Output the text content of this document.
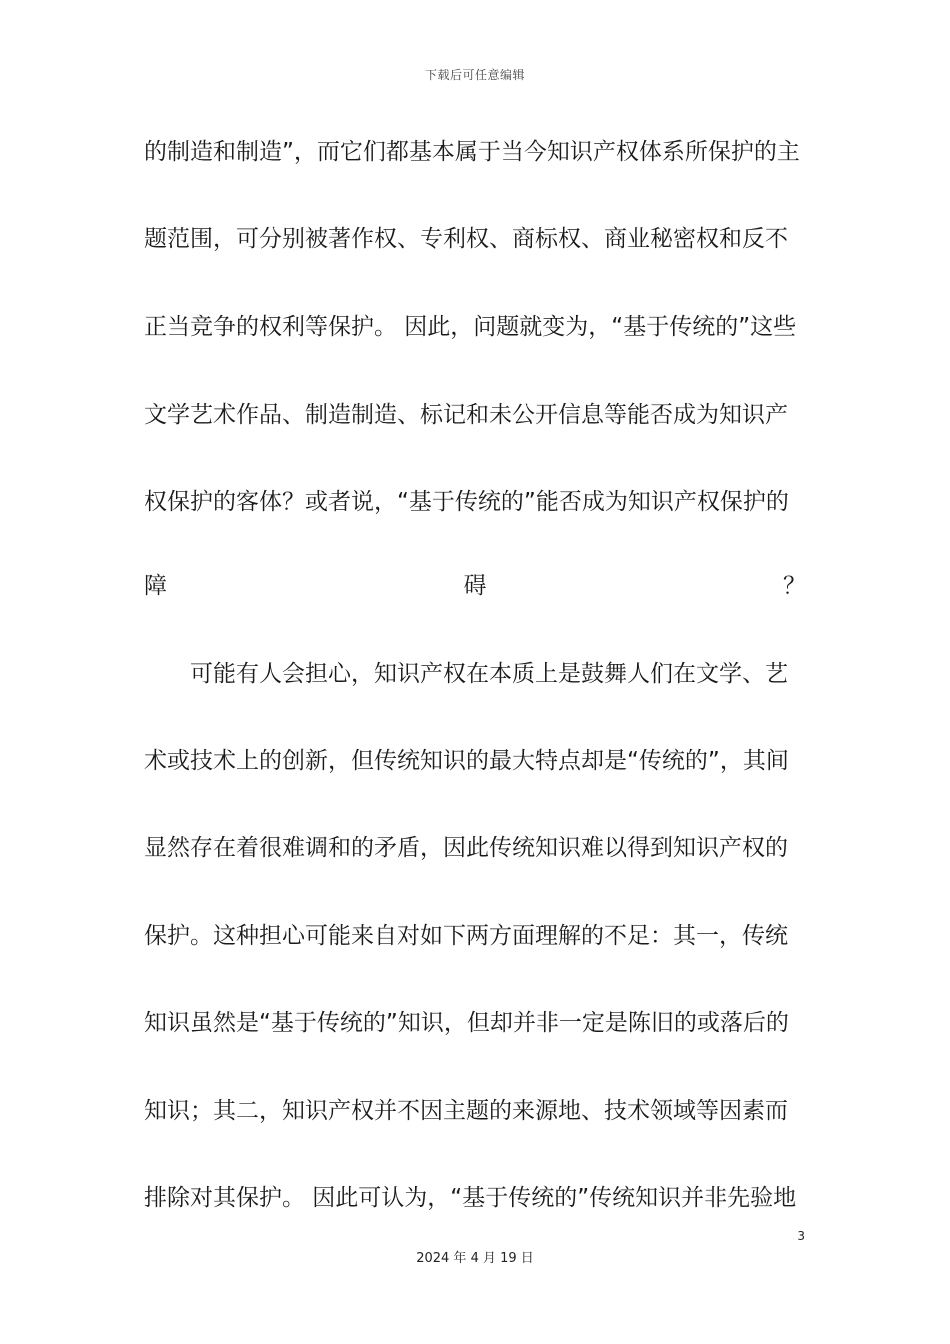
下载后可任意编辑
的制造和制造”，而它们都基本属于当今知识产权体系所保护的主
题范围，可分别被著作权、专利权、商标权、商业秘密权和反不
正当竞争的权利等保护。 因此，问题就变为，“基于传统的”这些
文学艺术作品、制造制造、标记和未公开信息等能否成为知识产
权保护的客体？或者说，“基于传统的”能否成为知识产权保护的
障	碍	？
可能有人会担心，知识产权在本质上是鼓舞人们在文学、艺
术或技术上的创新，但传统知识的最大特点却是“传统的”，其间
显然存在着很难调和的矛盾，因此传统知识难以得到知识产权的
保护。这种担心可能来自对如下两方面理解的不足：其一，传统
知识虽然是“基于传统的”知识，但却并非一定是陈旧的或落后的
知识；其二，知识产权并不因主题的来源地、技术领域等因素而
排除对其保护。 因此可认为，“基于传统的”传统知识并非先验地
3
2024 年 4 月 19 日
